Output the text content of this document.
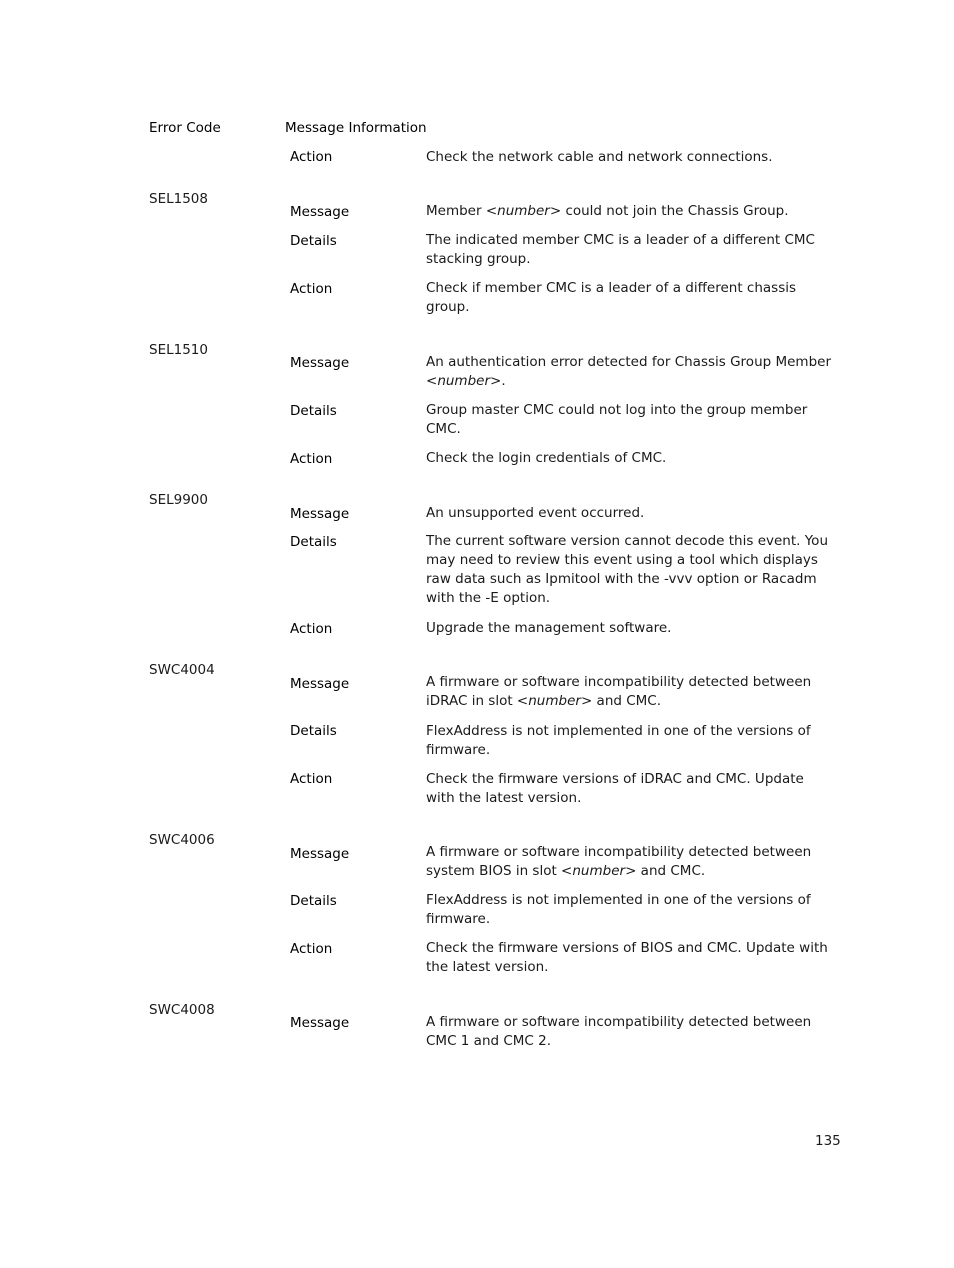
Error Code	Message Information
Action	Check the network cable and network connections.
SEL1508
Message	Member <number> could not join the Chassis Group.
Details	The indicated member CMC is a leader of a different CMC stacking group.
Action	Check if member CMC is a leader of a different chassis group.
SEL1510
Message	An authentication error detected for Chassis Group Member <number>.
Details	Group master CMC could not log into the group member CMC.
Action	Check the login credentials of CMC.
SEL9900
Message	An unsupported event occurred.
Details	The current software version cannot decode this event. You may need to review this event using a tool which displays raw data such as Ipmitool with the -vvv option or Racadm with the -E option.
Action	Upgrade the management software.
SWC4004
Message	A firmware or software incompatibility detected between iDRAC in slot <number> and CMC.
Details	FlexAddress is not implemented in one of the versions of firmware.
Action	Check the firmware versions of iDRAC and CMC. Update with the latest version.
SWC4006
Message	A firmware or software incompatibility detected between system BIOS in slot <number> and CMC.
Details	FlexAddress is not implemented in one of the versions of firmware.
Action	Check the firmware versions of BIOS and CMC. Update with the latest version.
SWC4008
Message	A firmware or software incompatibility detected between CMC 1 and CMC 2.
135
